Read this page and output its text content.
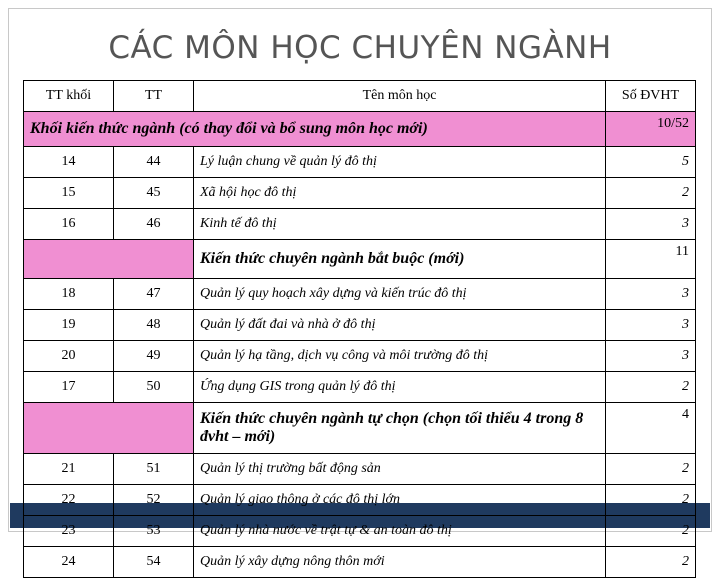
CÁC MÔN HỌC CHUYÊN NGÀNH
TT khối	TT	Tên môn học	Số ĐVHT
Khối kiến thức ngành (có thay đổi và bổ sung môn học mới)			10/52
14	44	Lý luận chung về quản lý đô thị	5
15	45	Xã hội học đô thị	2
16	46	Kinh tế đô thị	3
		Kiến thức chuyên ngành bắt buộc (mới)	11
18	47	Quản lý quy hoạch xây dựng và kiến trúc đô thị	3
19	48	Quản lý đất đai và nhà ở đô thị	3
20	49	Quản lý hạ tầng, dịch vụ công và môi trường đô thị	3
17	50	Ứng dụng GIS trong quản lý đô thị	2
		Kiến thức chuyên ngành tự chọn (chọn tối thiểu 4 trong 8 đvht – mới)	4
21	51	Quản lý thị trường bất động sản	2
22	52	Quản lý giao thông ở các đô thị lớn	2
23	53	Quản lý nhà nước về trật tự & an toàn đô thị	2
24	54	Quản lý xây dựng nông thôn mới	2
